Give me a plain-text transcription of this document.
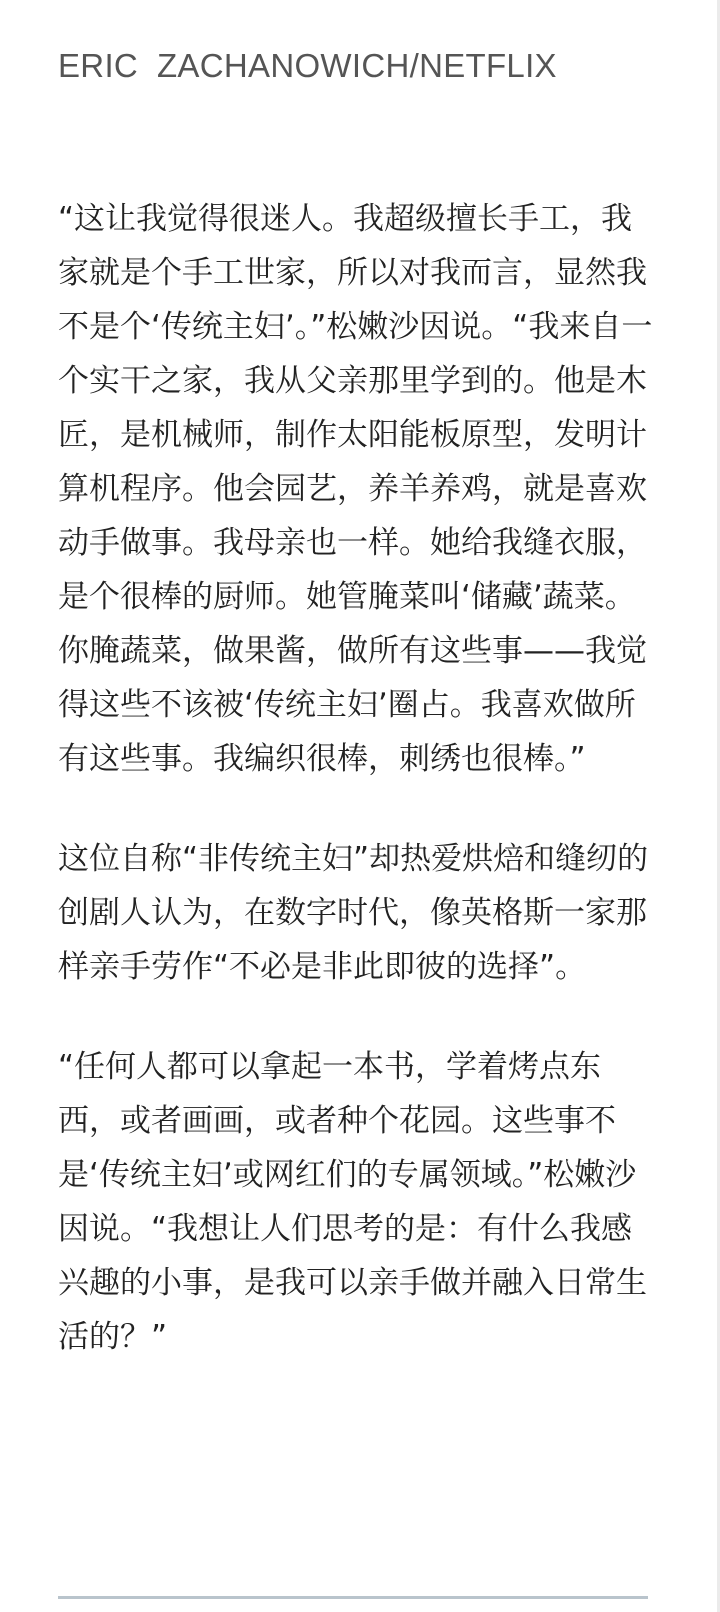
ERIC  ZACHANOWICH/NETFLIX

“这让我觉得很迷人。我超级擅长手工，我家就是个手工世家，所以对我而言，显然我不是个‘传统主妇’。”松嫩沙因说。“我来自一个实干之家，我从父亲那里学到的。他是木匠，是机械师，制作太阳能板原型，发明计算机程序。他会园艺，养羊养鸡，就是喜欢动手做事。我母亲也一样。她给我缝衣服，是个很棒的厨师。她管腌菜叫‘储藏’蔬菜。你腌蔬菜，做果酱，做所有这些事——我觉得这些不该被‘传统主妇’圈占。我喜欢做所有这些事。我编织很棒，刺绣也很棒。”

这位自称“非传统主妇”却热爱烘焙和缝纫的创剧人认为，在数字时代，像英格斯一家那样亲手劳作“不必是非此即彼的选择”。

“任何人都可以拿起一本书，学着烤点东西，或者画画，或者种个花园。这些事不是‘传统主妇’或网红们的专属领域。”松嫩沙因说。“我想让人们思考的是：有什么我感兴趣的小事，是我可以亲手做并融入日常生活的？”
